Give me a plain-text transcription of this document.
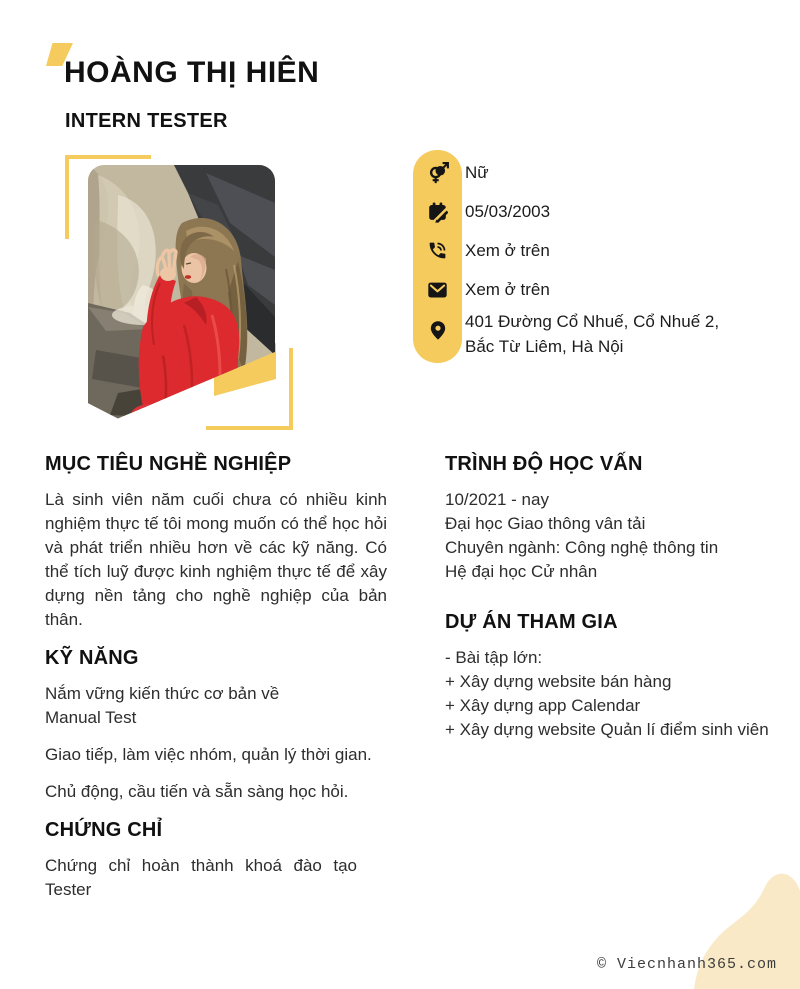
HOÀNG THỊ HIÊN
INTERN TESTER
Nữ
05/03/2003
Xem ở trên
Xem ở trên
401 Đường Cổ Nhuế, Cổ Nhuế 2, Bắc Từ Liêm, Hà Nội
MỤC TIÊU NGHỀ NGHIỆP

Là sinh viên năm cuối chưa có nhiều kinh nghiệm thực tế tôi mong muốn có thể học hỏi và phát triển nhiều hơn về các kỹ năng. Có thể tích luỹ được kinh nghiệm thực tế để xây dựng nền tảng cho nghề nghiệp của bản thân.

KỸ NĂNG

Nắm vững kiến thức cơ bản về Manual Test

Giao tiếp, làm việc nhóm, quản lý thời gian.

Chủ động, cầu tiến và sẵn sàng học hỏi.

CHỨNG CHỈ

Chứng chỉ hoàn thành khoá đào tạo Tester

TRÌNH ĐỘ HỌC VẤN
10/2021 - nay
Đại học Giao thông vân tải
Chuyên ngành: Công nghệ thông tin
Hệ đại học Cử nhân
DỰ ÁN THAM GIA
- Bài tập lớn:
+ Xây dựng website bán hàng
+ Xây dựng app Calendar
+ Xây dựng website Quản lí điểm sinh viên
© Viecnhanh365.com
